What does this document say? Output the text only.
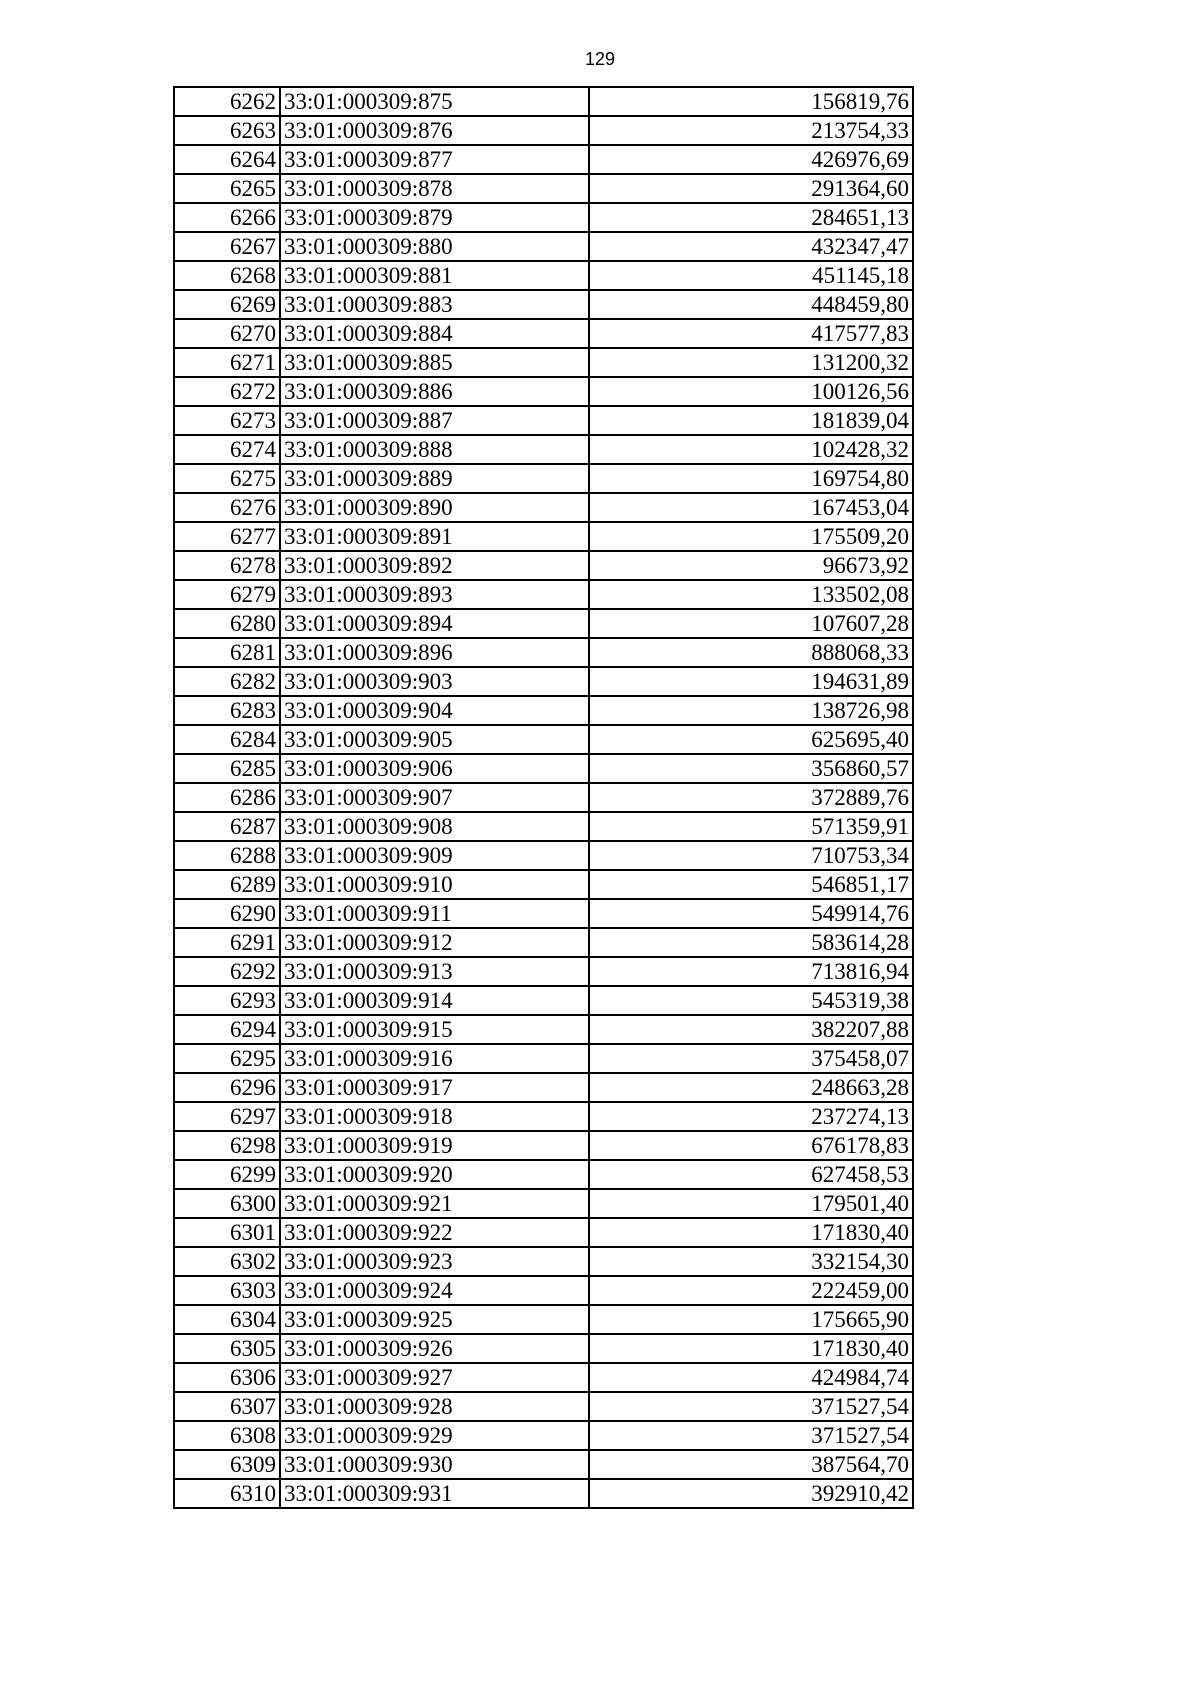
129
6262	33:01:000309:875	156819,76
6263	33:01:000309:876	213754,33
6264	33:01:000309:877	426976,69
6265	33:01:000309:878	291364,60
6266	33:01:000309:879	284651,13
6267	33:01:000309:880	432347,47
6268	33:01:000309:881	451145,18
6269	33:01:000309:883	448459,80
6270	33:01:000309:884	417577,83
6271	33:01:000309:885	131200,32
6272	33:01:000309:886	100126,56
6273	33:01:000309:887	181839,04
6274	33:01:000309:888	102428,32
6275	33:01:000309:889	169754,80
6276	33:01:000309:890	167453,04
6277	33:01:000309:891	175509,20
6278	33:01:000309:892	96673,92
6279	33:01:000309:893	133502,08
6280	33:01:000309:894	107607,28
6281	33:01:000309:896	888068,33
6282	33:01:000309:903	194631,89
6283	33:01:000309:904	138726,98
6284	33:01:000309:905	625695,40
6285	33:01:000309:906	356860,57
6286	33:01:000309:907	372889,76
6287	33:01:000309:908	571359,91
6288	33:01:000309:909	710753,34
6289	33:01:000309:910	546851,17
6290	33:01:000309:911	549914,76
6291	33:01:000309:912	583614,28
6292	33:01:000309:913	713816,94
6293	33:01:000309:914	545319,38
6294	33:01:000309:915	382207,88
6295	33:01:000309:916	375458,07
6296	33:01:000309:917	248663,28
6297	33:01:000309:918	237274,13
6298	33:01:000309:919	676178,83
6299	33:01:000309:920	627458,53
6300	33:01:000309:921	179501,40
6301	33:01:000309:922	171830,40
6302	33:01:000309:923	332154,30
6303	33:01:000309:924	222459,00
6304	33:01:000309:925	175665,90
6305	33:01:000309:926	171830,40
6306	33:01:000309:927	424984,74
6307	33:01:000309:928	371527,54
6308	33:01:000309:929	371527,54
6309	33:01:000309:930	387564,70
6310	33:01:000309:931	392910,42
